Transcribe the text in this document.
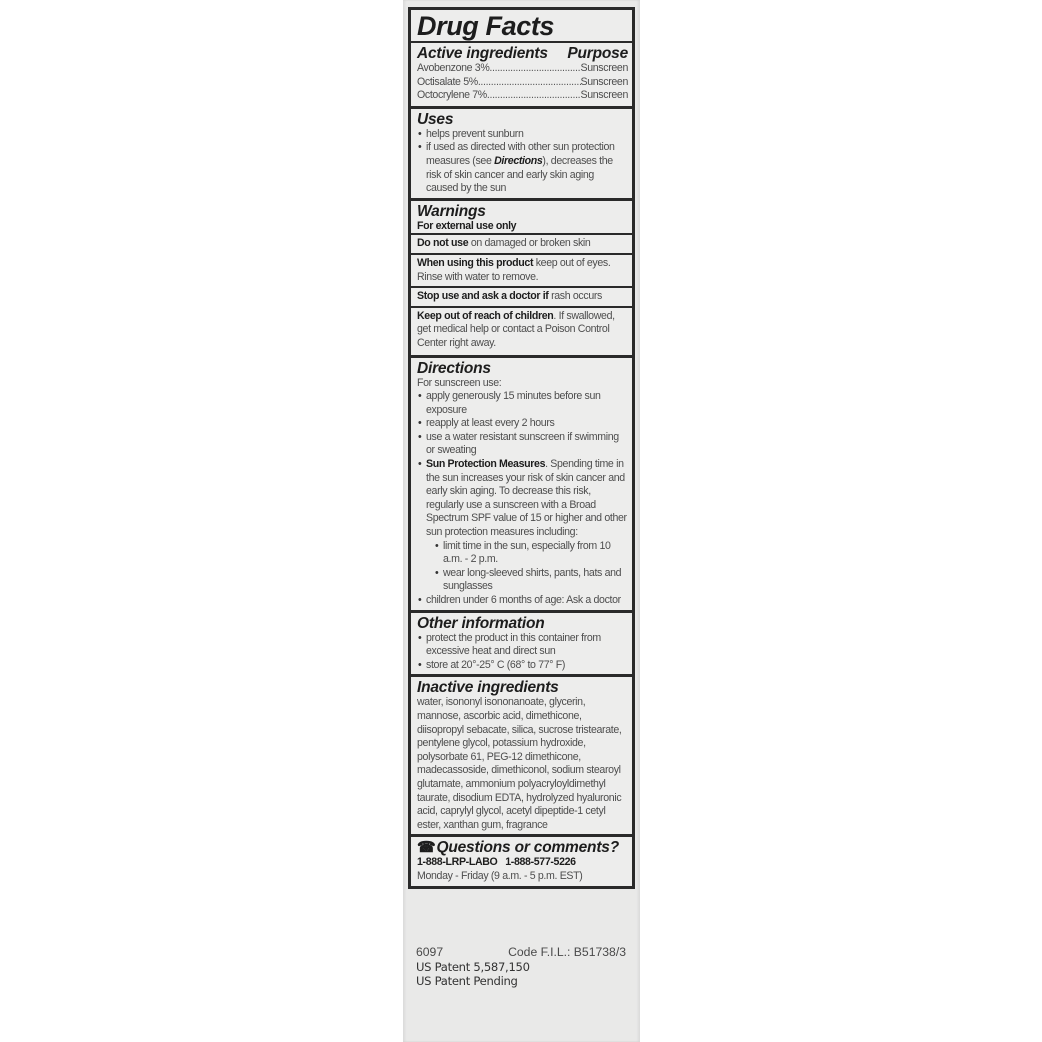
Drug Facts
Active ingredients Purpose
Avobenzone 3% .....	Sunscreen
Octisalate 5% .....	Sunscreen
Octocrylene 7% .....	Sunscreen
Uses
• helps prevent sunburn
• if used as directed with other sun protection measures (see Directions), decreases the risk of skin cancer and early skin aging caused by the sun
Warnings
For external use only
Do not use on damaged or broken skin
When using this product keep out of eyes. Rinse with water to remove.
Stop use and ask a doctor if rash occurs
Keep out of reach of children. If swallowed, get medical help or contact a Poison Control Center right away.
Directions
For sunscreen use:
• apply generously 15 minutes before sun exposure
• reapply at least every 2 hours
• use a water resistant sunscreen if swimming or sweating
• Sun Protection Measures. Spending time in the sun increases your risk of skin cancer and early skin aging. To decrease this risk, regularly use a sunscreen with a Broad Spectrum SPF value of 15 or higher and other sun protection measures including:
• limit time in the sun, especially from 10 a.m. - 2 p.m.
• wear long-sleeved shirts, pants, hats and sunglasses
• children under 6 months of age: Ask a doctor
Other information
• protect the product in this container from excessive heat and direct sun
• store at 20°-25° C (68° to 77° F)
Inactive ingredients
water, isononyl isononanoate, glycerin, mannose, ascorbic acid, dimethicone, diisopropyl sebacate, silica, sucrose tristearate, pentylene glycol, potassium hydroxide, polysorbate 61, PEG-12 dimethicone, madecassoside, dimethiconol, sodium stearoyl glutamate, ammonium polyacryloyldimethyl taurate, disodium EDTA, hydrolyzed hyaluronic acid, caprylyl glycol, acetyl dipeptide-1 cetyl ester, xanthan gum, fragrance
☎Questions or comments?
1-888-LRP-LABO 1-888-577-5226
Monday - Friday (9 a.m. - 5 p.m. EST)
6097	Code F.I.L.: B51738/3
US Patent 5,587,150
US Patent Pending
